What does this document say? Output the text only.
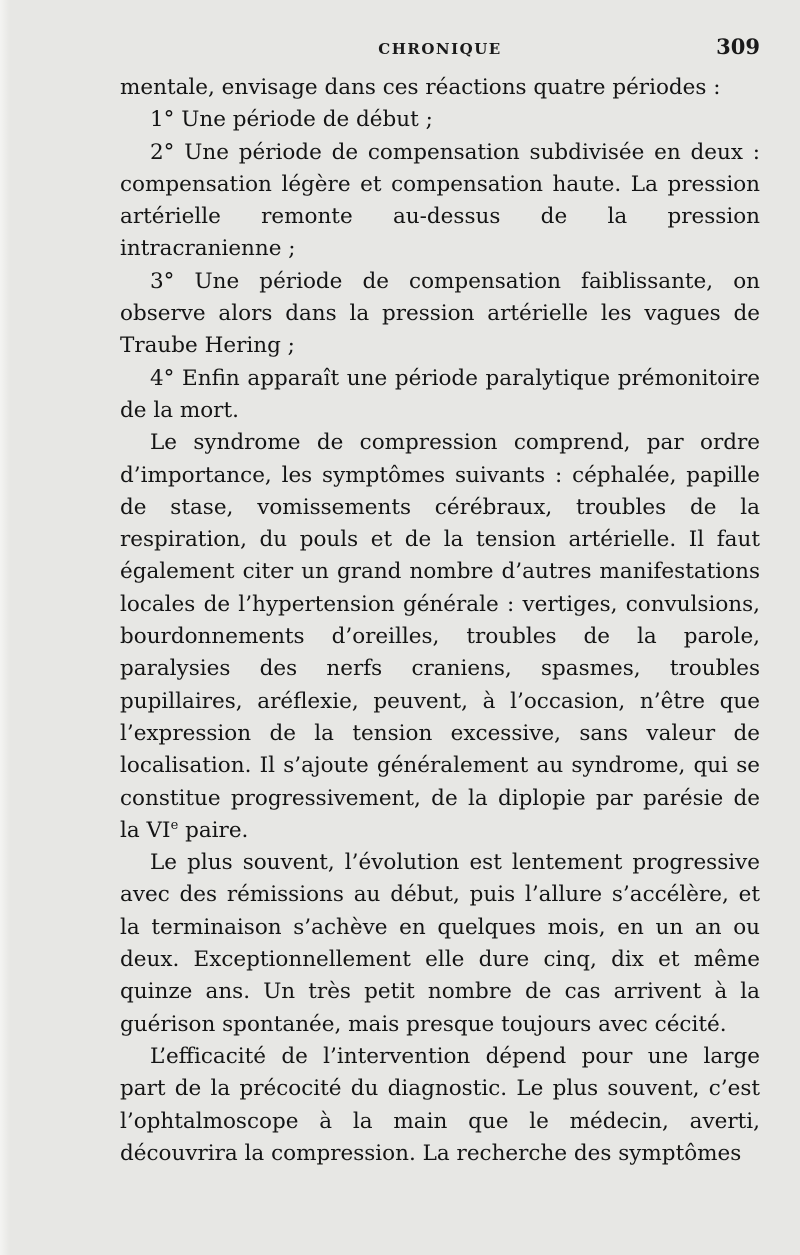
CHRONIQUE	309

mentale, envisage dans ces réactions quatre périodes :

1° Une période de début ;

2° Une période de compensation subdivisée en deux : compensation légère et compensation haute. La pression artérielle remonte au-dessus de la pression intracranienne ;

3° Une période de compensation faiblissante, on observe alors dans la pression artérielle les vagues de Traube Hering ;

4° Enfin apparaît une période paralytique prémonitoire de la mort.

Le syndrome de compression comprend, par ordre d’importance, les symptômes suivants : céphalée, papille de stase, vomissements cérébraux, troubles de la respiration, du pouls et de la tension artérielle. Il faut également citer un grand nombre d’autres manifestations locales de l’hypertension générale : vertiges, convulsions, bourdonnements d’oreilles, troubles de la parole, paralysies des nerfs craniens, spasmes, troubles pupillaires, aréflexie, peuvent, à l’occasion, n’être que l’expression de la tension excessive, sans valeur de localisation. Il s’ajoute généralement au syndrome, qui se constitue progressivement, de la diplopie par parésie de la VIe paire.

Le plus souvent, l’évolution est lentement progressive avec des rémissions au début, puis l’allure s’accélère, et la terminaison s’achève en quelques mois, en un an ou deux. Exceptionnellement elle dure cinq, dix et même quinze ans. Un très petit nombre de cas arrivent à la guérison spontanée, mais presque toujours avec cécité.

L’efficacité de l’intervention dépend pour une large part de la précocité du diagnostic. Le plus souvent, c’est l’ophtalmoscope à la main que le médecin, averti, découvrira la compression. La recherche des symptômes
